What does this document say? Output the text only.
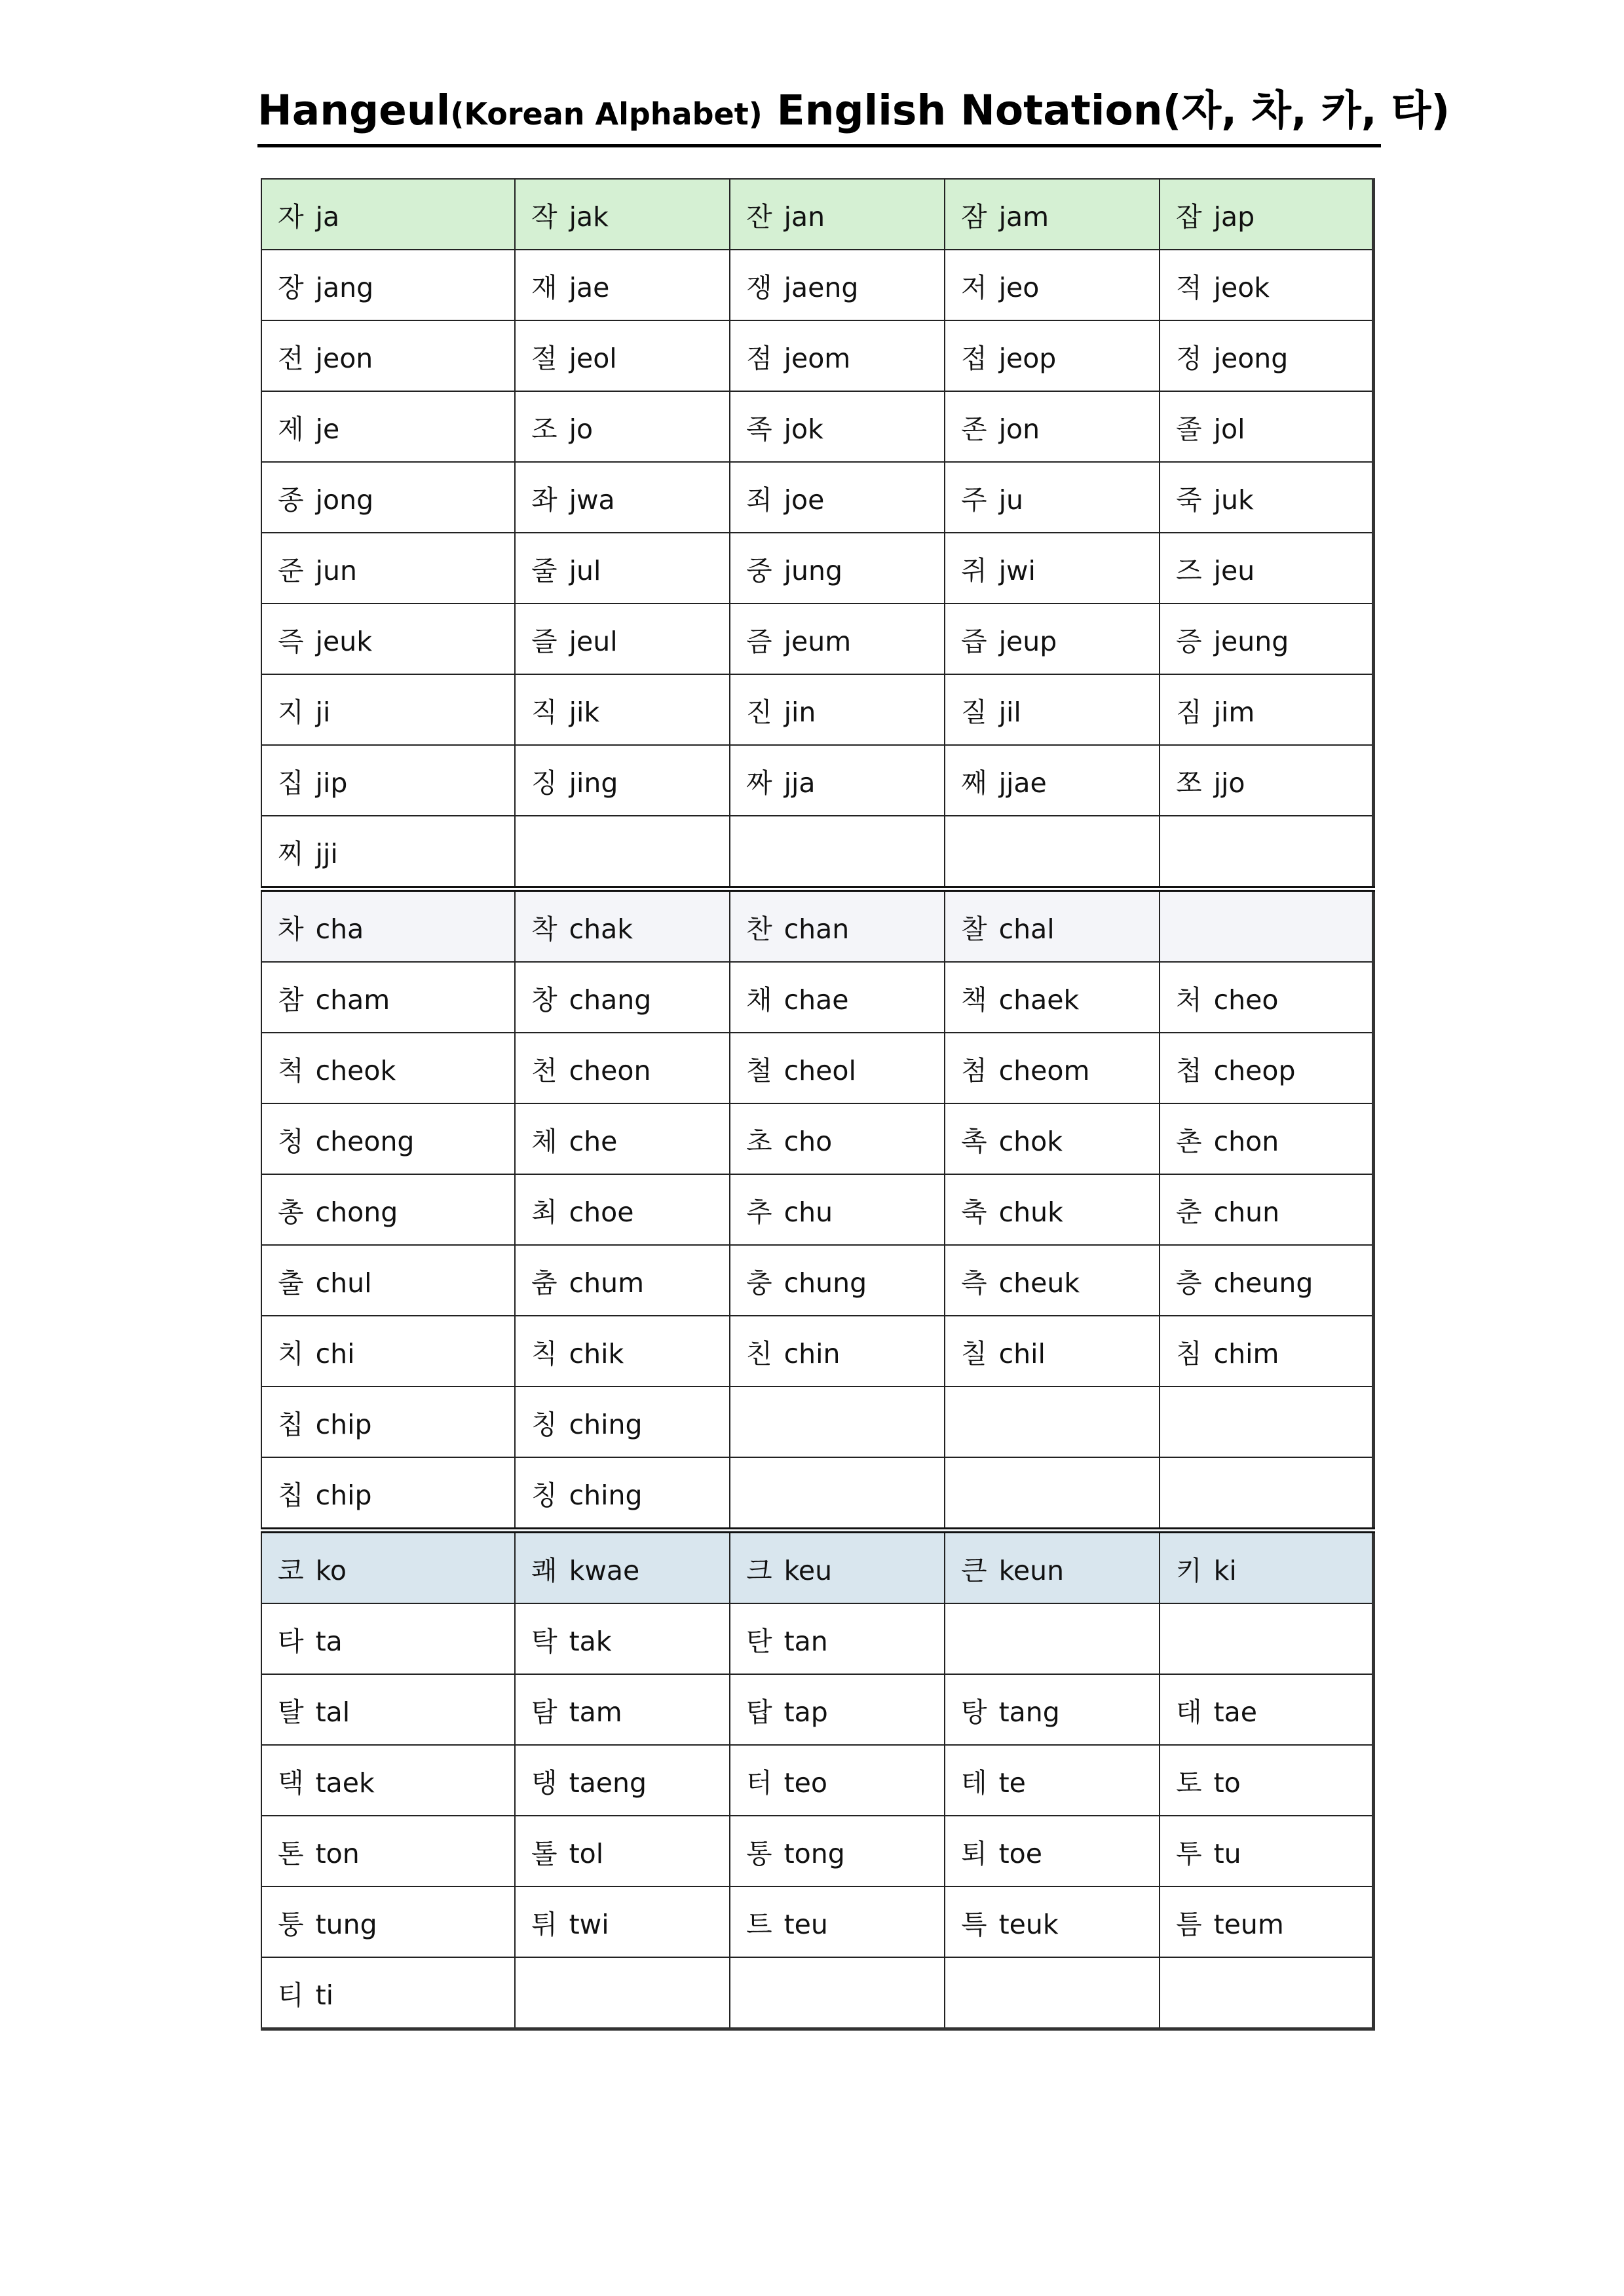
Hangeul(Korean Alphabet) English Notation(자, 차, 카, 타)
자 ja	작 jak	잔 jan	잠 jam	잡 jap
장 jang	재 jae	쟁 jaeng	저 jeo	적 jeok
전 jeon	절 jeol	점 jeom	접 jeop	정 jeong
제 je	조 jo	족 jok	존 jon	졸 jol
종 jong	좌 jwa	죄 joe	주 ju	죽 juk
준 jun	줄 jul	중 jung	쥐 jwi	즈 jeu
즉 jeuk	즐 jeul	즘 jeum	즙 jeup	증 jeung
지 ji	직 jik	진 jin	질 jil	짐 jim
집 jip	징 jing	짜 jja	째 jjae	쪼 jjo
찌 jji				
차 cha	착 chak	찬 chan	찰 chal	
참 cham	창 chang	채 chae	책 chaek	처 cheo
척 cheok	천 cheon	철 cheol	첨 cheom	첩 cheop
청 cheong	체 che	초 cho	촉 chok	촌 chon
총 chong	최 choe	추 chu	축 chuk	춘 chun
출 chul	춤 chum	충 chung	측 cheuk	층 cheung
치 chi	칙 chik	친 chin	칠 chil	침 chim
칩 chip	칭 ching			
칩 chip	칭 ching			
코 ko	쾌 kwae	크 keu	큰 keun	키 ki
타 ta	탁 tak	탄 tan		
탈 tal	탐 tam	탑 tap	탕 tang	태 tae
택 taek	탱 taeng	터 teo	테 te	토 to
톤 ton	톨 tol	통 tong	퇴 toe	투 tu
퉁 tung	튀 twi	트 teu	특 teuk	틈 teum
티 ti				
